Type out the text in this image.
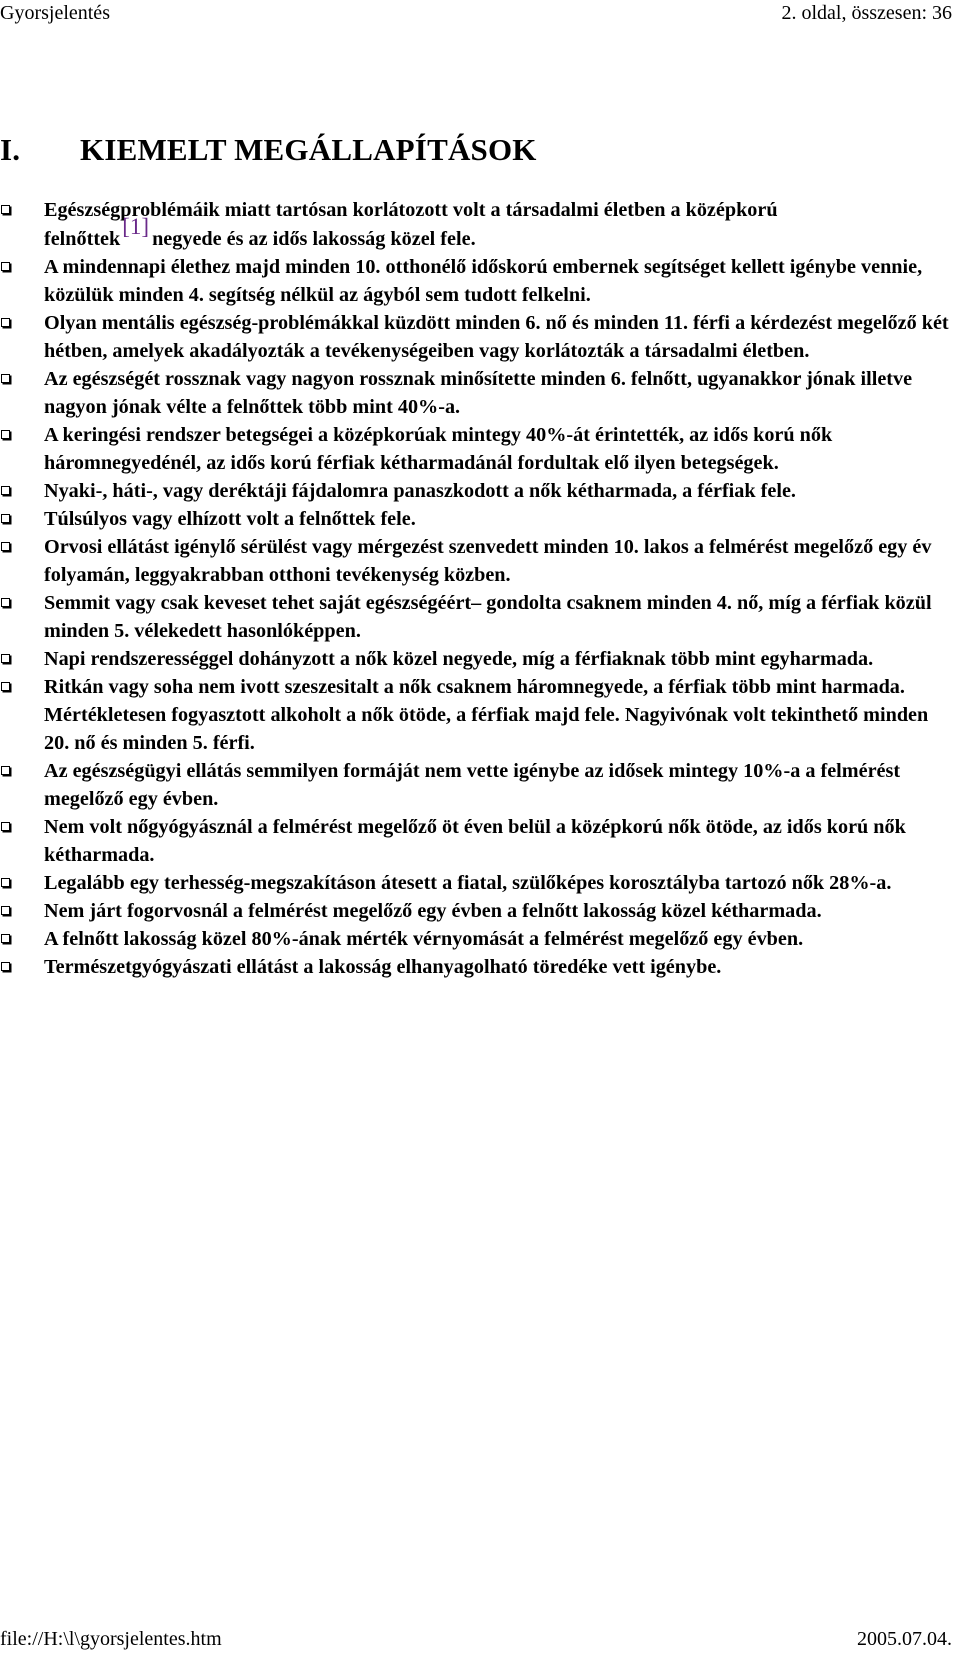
Gyorsjelentés	2. oldal, összesen: 36
I. KIEMELT MEGÁLLAPÍTÁSOK
Egészségproblémáik miatt tartósan korlátozott volt a társadalmi életben a középkorú felnőttek[1] negyede és az idős lakosság közel fele.
A mindennapi élethez majd minden 10. otthonélő időskorú embernek segítséget kellett igénybe vennie, közülük minden 4. segítség nélkül az ágyból sem tudott felkelni.
Olyan mentális egészség-problémákkal küzdött minden 6. nő és minden 11. férfi a kérdezést megelőző két hétben, amelyek akadályozták a tevékenységeiben vagy korlátozták a társadalmi életben.
Az egészségét rossznak vagy nagyon rossznak minősítette minden 6. felnőtt, ugyanakkor jónak illetve nagyon jónak vélte a felnőttek több mint 40%-a.
A keringési rendszer betegségei a középkorúak mintegy 40%-át érintették, az idős korú nők háromnegyedénél, az idős korú férfiak kétharmadánál fordultak elő ilyen betegségek.
Nyaki-, háti-, vagy deréktáji fájdalomra panaszkodott a nők kétharmada, a férfiak fele.
Túlsúlyos vagy elhízott volt a felnőttek fele.
Orvosi ellátást igénylő sérülést vagy mérgezést szenvedett minden 10. lakos a felmérést megelőző egy év folyamán, leggyakrabban otthoni tevékenység közben.
Semmit vagy csak keveset tehet saját egészségéért– gondolta csaknem minden 4. nő, míg a férfiak közül minden 5. vélekedett hasonlóképpen.
Napi rendszerességgel dohányzott a nők közel negyede, míg a férfiaknak több mint egyharmada.
Ritkán vagy soha nem ivott szeszesitalt a nők csaknem háromnegyede, a férfiak több mint harmada. Mértékletesen fogyasztott alkoholt a nők ötöde, a férfiak majd fele. Nagyivónak volt tekinthető minden 20. nő és minden 5. férfi.
Az egészségügyi ellátás semmilyen formáját nem vette igénybe az idősek mintegy 10%-a a felmérést megelőző egy évben.
Nem volt nőgyógyásznál a felmérést megelőző öt éven belül a középkorú nők ötöde, az idős korú nők kétharmada.
Legalább egy terhesség-megszakításon átesett a fiatal, szülőképes korosztályba tartozó nők 28%-a.
Nem járt fogorvosnál a felmérést megelőző egy évben a felnőtt lakosság közel kétharmada.
A felnőtt lakosság közel 80%-ának mérték vérnyomását a felmérést megelőző egy évben.
Természetgyógyászati ellátást a lakosság elhanyagolható töredéke vett igénybe.
file://H:\l\gyorsjelentes.htm	2005.07.04.
